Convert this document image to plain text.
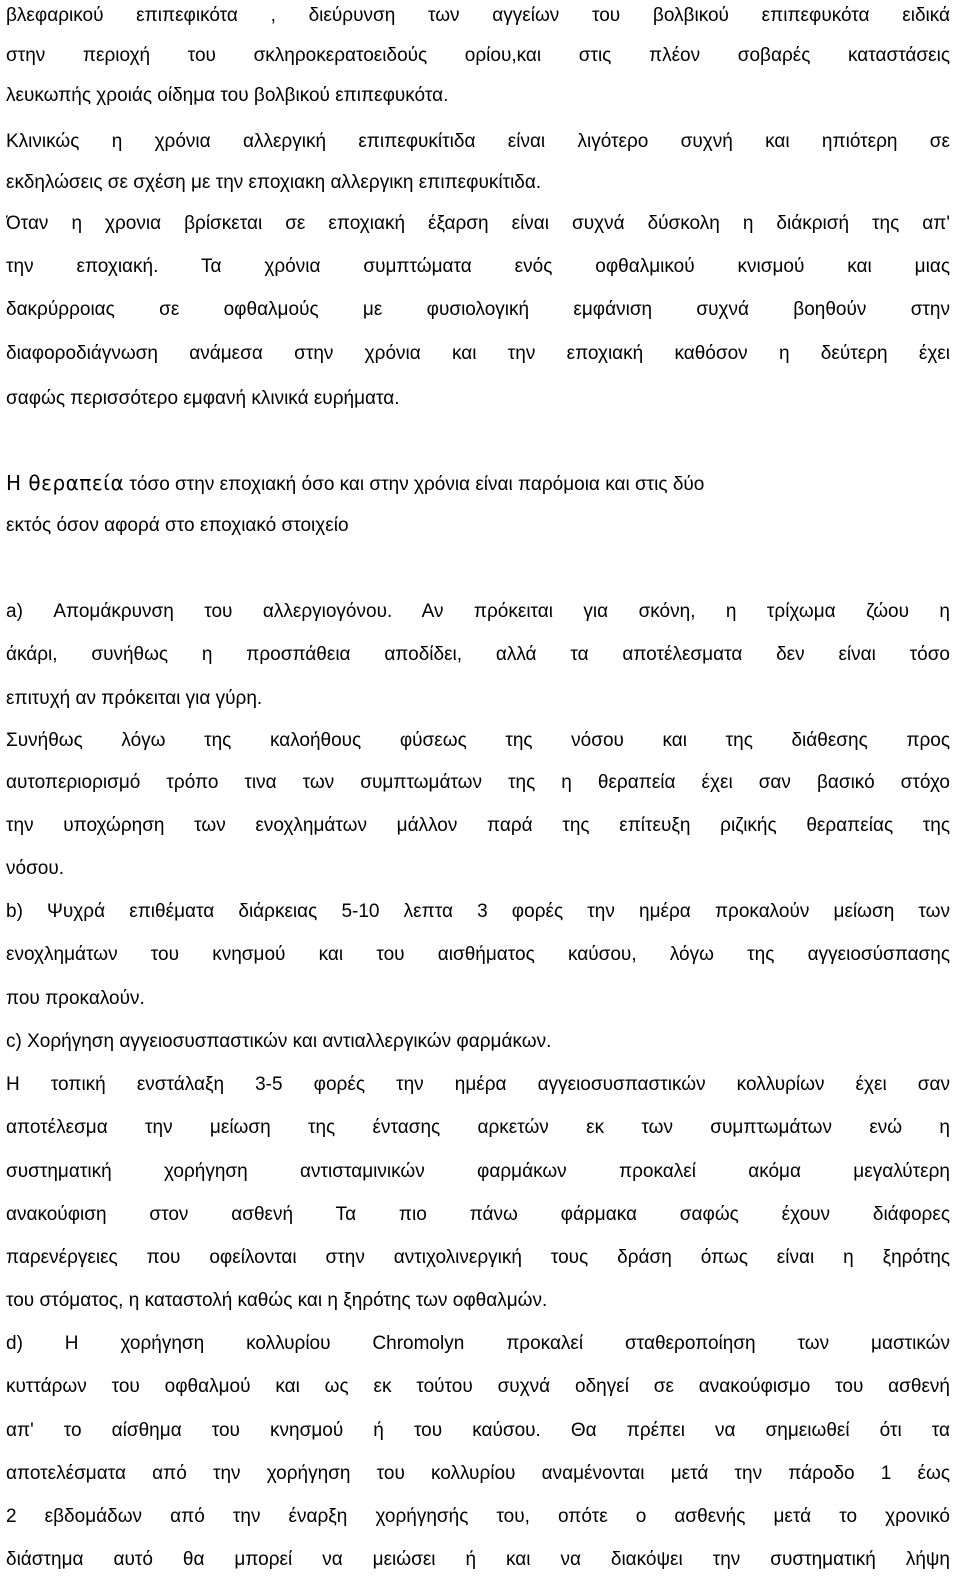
βλεφαρικού επιπεφικότα , διεύρυνση των αγγείων του βολβικού επιπεφυκότα ειδικά
στην περιοχή του σκληροκερατοειδούς ορίου,και στις πλέον σοβαρές καταστάσεις
λευκωπής χροιάς οίδημα του βολβικού επιπεφυκότα.
Κλινικώς η χρόνια αλλεργική επιπεφυκίτιδα είναι λιγότερο συχνή και ηπιότερη σε
εκδηλώσεις σε σχέση με την εποχιακη αλλεργικη επιπεφυκίτιδα.
Όταν η χρονια βρίσκεται σε εποχιακή έξαρση είναι συχνά δύσκολη η διάκρισή της απ'
την εποχιακή. Τα χρόνια συμπτώματα ενός οφθαλμικού κνισμού και μιας
δακρύρροιας σε οφθαλμούς με φυσιολογική εμφάνιση συχνά βοηθούν στην
διαφοροδιάγνωση ανάμεσα στην χρόνια και την εποχιακή καθόσον η δεύτερη έχει
σαφώς περισσότερο εμφανή κλινικά ευρήματα.
Η θεραπεία τόσο στην εποχιακή όσο και στην χρόνια είναι παρόμοια και στις δύο
εκτός όσον αφορά στο εποχιακό στοιχείο
a) Απομάκρυνση του αλλεργιογόνου. Αν πρόκειται για σκόνη, η τρίχωμα ζώου η
άκάρι, συνήθως η προσπάθεια αποδίδει, αλλά τα αποτέλεσματα δεν είναι τόσο
επιτυχή αν πρόκειται για γύρη.
Συνήθως λόγω της καλοήθους φύσεως της νόσου και της διάθεσης προς
αυτοπεριορισμό τρόπο τινα των συμπτωμάτων της η θεραπεία έχει σαν βασικό στόχο
την υποχώρηση των ενοχλημάτων μάλλον παρά της επίτευξη ριζικής θεραπείας της
νόσου.
b) Ψυχρά επιθέματα διάρκειας 5-10 λεπτα 3 φορές την ημέρα προκαλούν μείωση των
ενοχλημάτων του κνησμού και του αισθήματος καύσου, λόγω της αγγειοσύσπασης
που προκαλούν.
c) Χορήγηση αγγειοσυσπαστικών και αντιαλλεργικών φαρμάκων.
Η τοπική ενστάλαξη 3-5 φορές την ημέρα αγγειοσυσπαστικών κολλυρίων έχει σαν
αποτέλεσμα την μείωση της έντασης αρκετών εκ των συμπτωμάτων ενώ η
συστηματική χορήγηση αντισταμινικών φαρμάκων προκαλεί ακόμα μεγαλύτερη
ανακούφιση στον ασθενή Τα πιο πάνω φάρμακα σαφώς έχουν διάφορες
παρενέργειες που οφείλονται στην αντιχολινεργική τους δράση όπως είναι η ξηρότης
του στόματος, η καταστολή καθώς και η ξηρότης των οφθαλμών.
d) Η χορήγηση κολλυρίου Chromolyn προκαλεί σταθεροποίηση των μαστικών
κυττάρων του οφθαλμού και ως εκ τούτου συχνά οδηγεί σε ανακούφισμο του ασθενή
απ' το αίσθημα του κνησμού ή του καύσου. Θα πρέπει να σημειωθεί ότι τα
αποτελέσματα από την χορήγηση του κολλυρίου αναμένονται μετά την πάροδο 1 έως
2 εβδομάδων από την έναρξη χορήγησής του, οπότε ο ασθενής μετά το χρονικό
διάστημα αυτό θα μπορεί να μειώσει ή και να διακόψει την συστηματική λήψη
